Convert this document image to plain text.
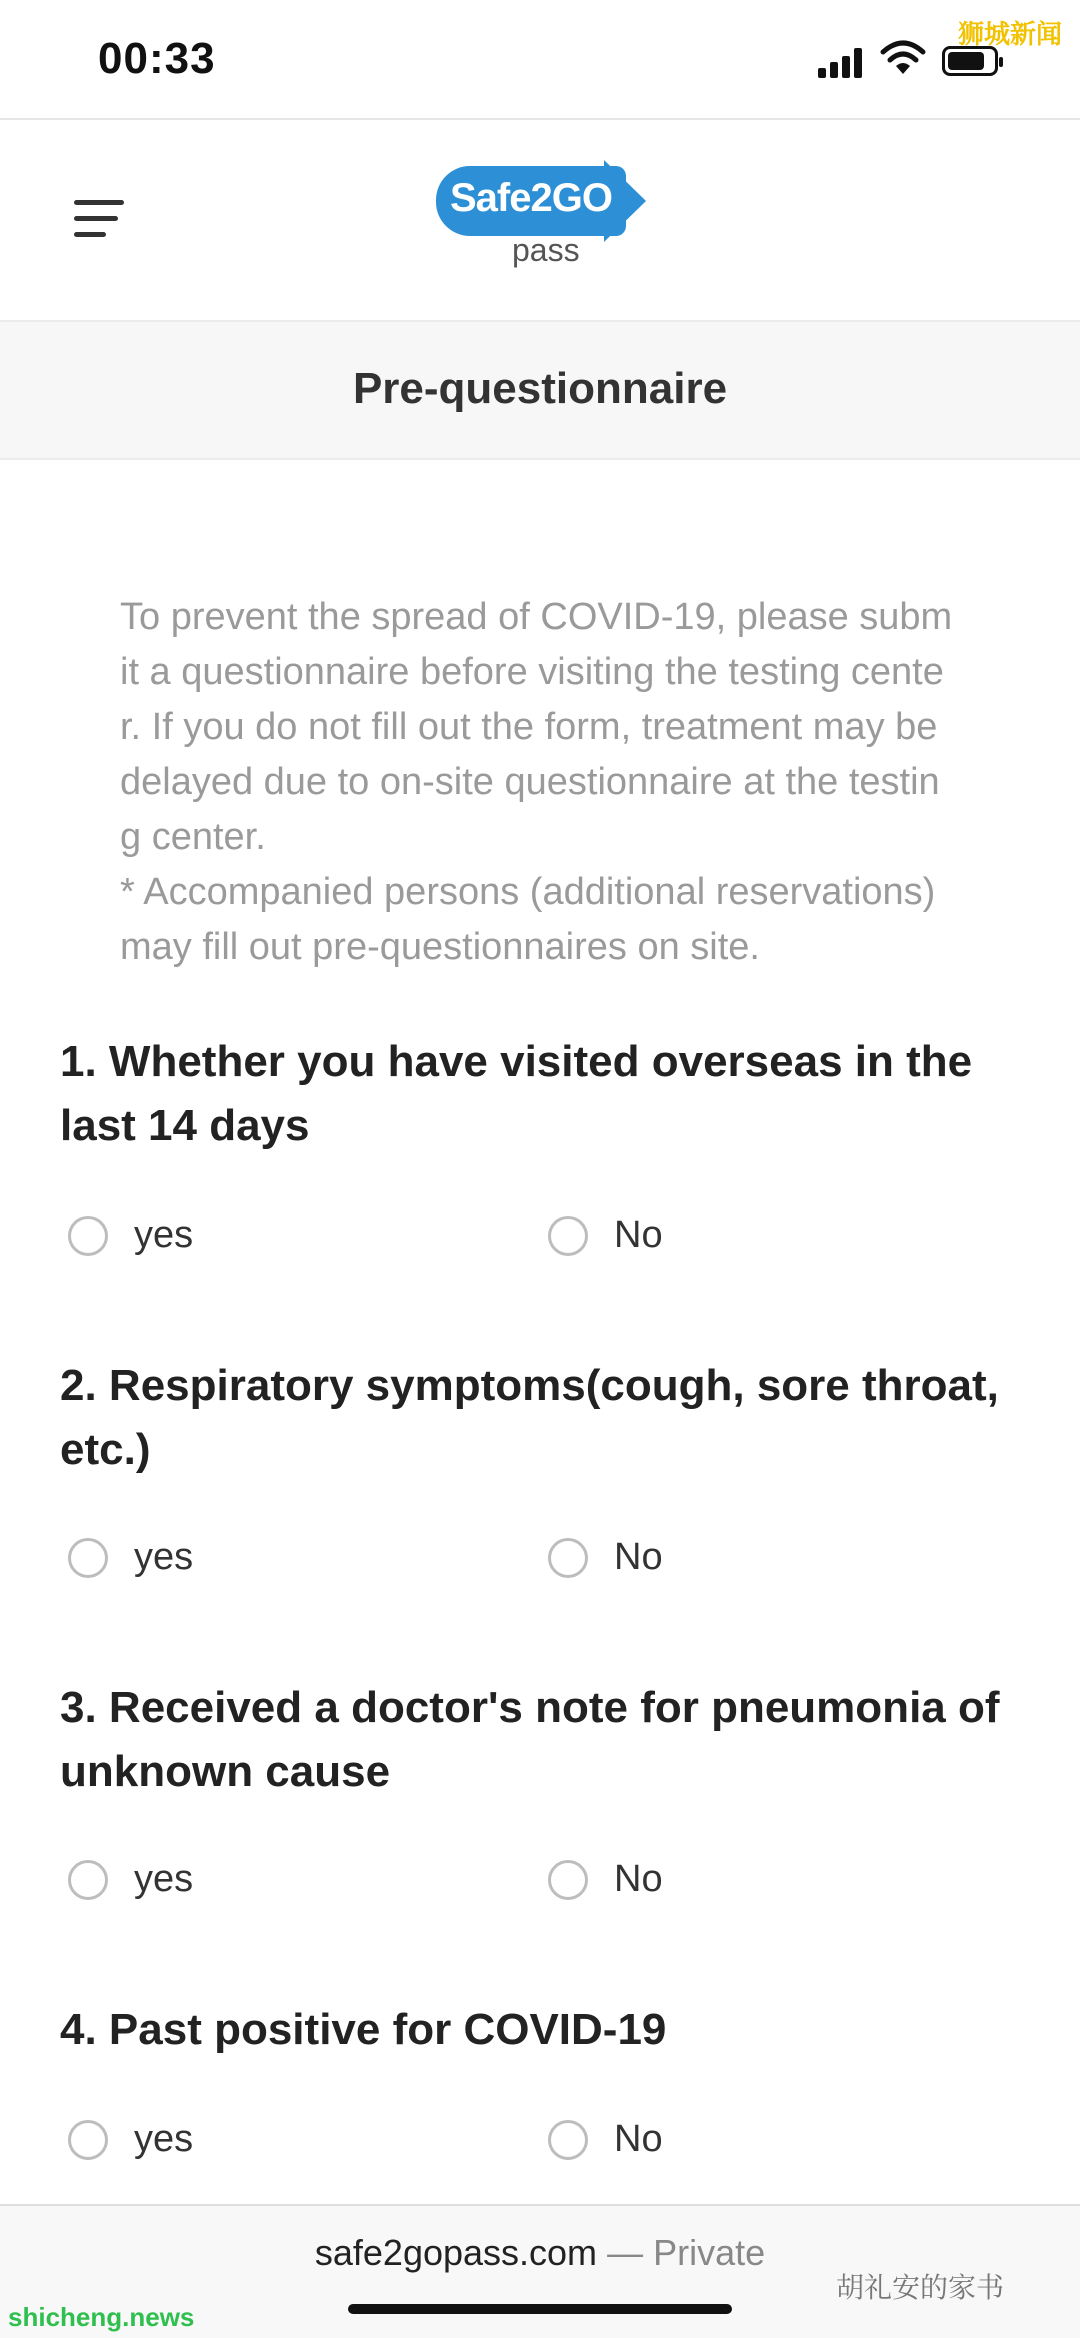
00:33	狮城新闻
Safe2GO
pass
Pre-questionnaire

To prevent the spread of COVID-19, please submit a questionnaire before visiting the testing center. If you do not fill out the form, treatment may be delayed due to on-site questionnaire at the testing center.

* Accompanied persons (additional reservations) may fill out pre-questionnaires on site.

1. Whether you have visited overseas in the last 14 days
yes	No
2. Respiratory symptoms(cough, sore throat, etc.)
yes	No
3. Received a doctor's note for pneumonia of unknown cause
yes	No
4. Past positive for COVID-19
yes	No
safe2gopass.com — Private
shicheng.news
胡礼安的家书
